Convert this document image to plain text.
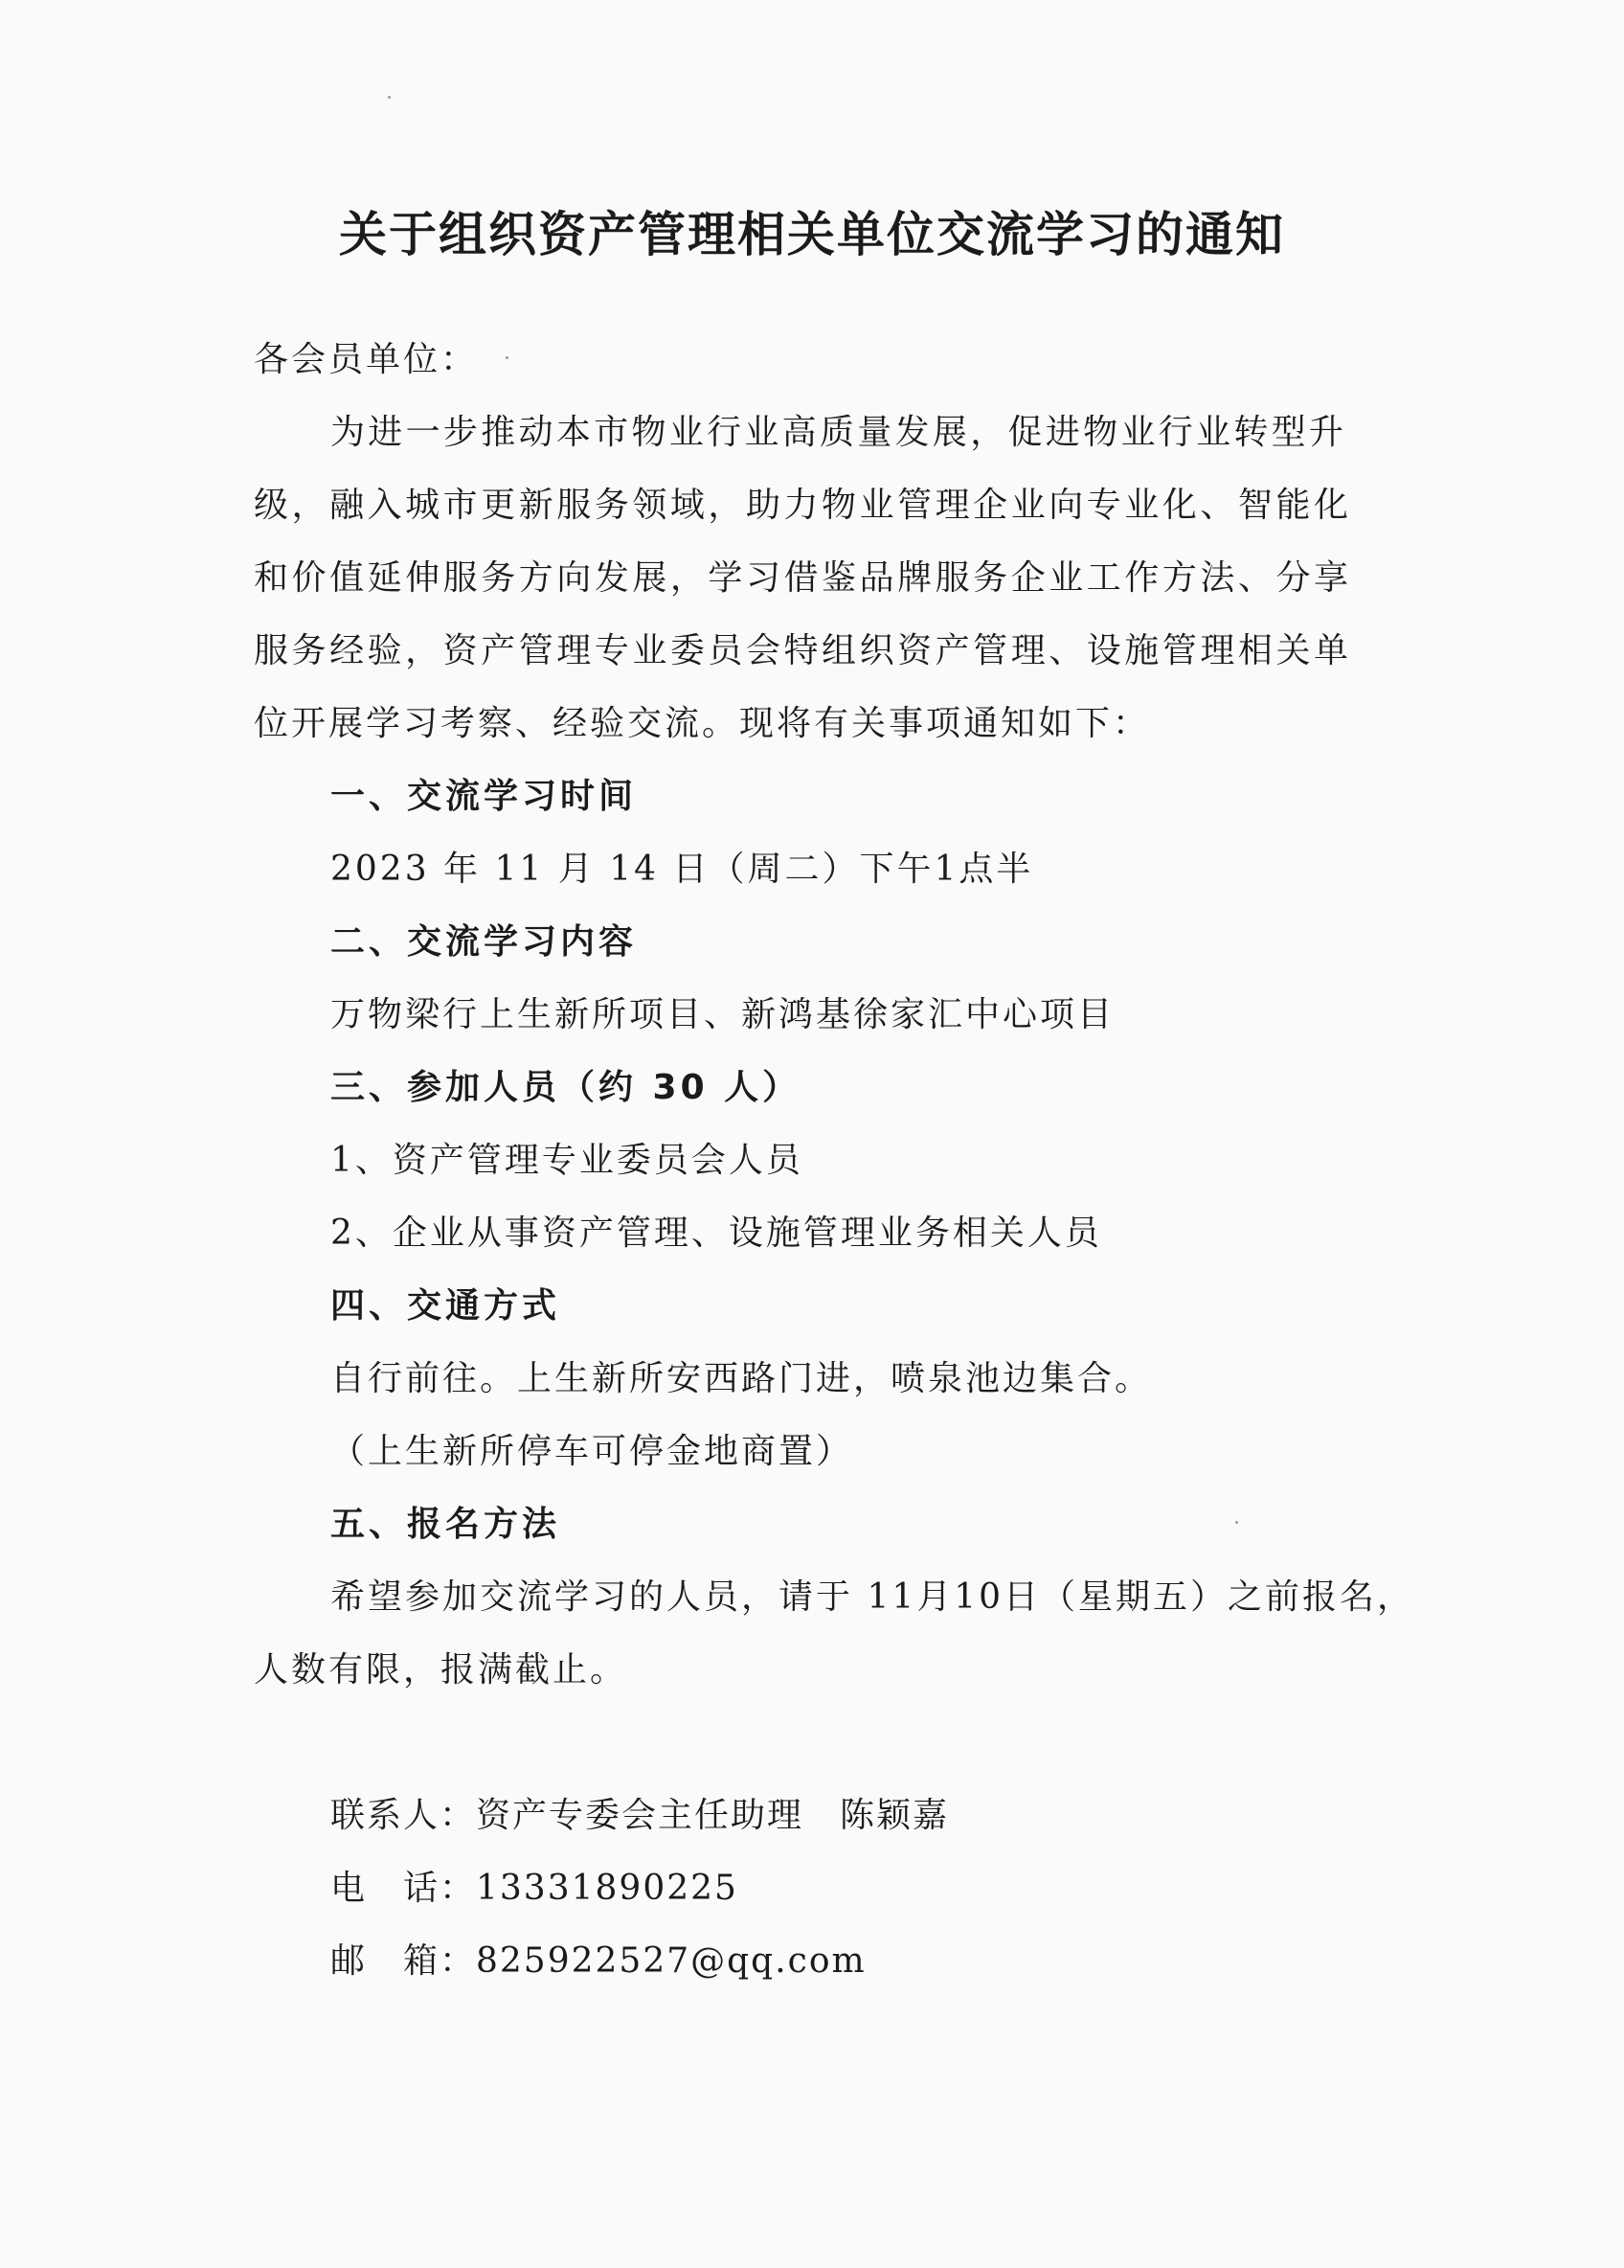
关于组织资产管理相关单位交流学习的通知

各会员单位：

为进一步推动本市物业行业高质量发展，促进物业行业转型升

级，融入城市更新服务领域，助力物业管理企业向专业化、智能化

和价值延伸服务方向发展，学习借鉴品牌服务企业工作方法、分享

服务经验，资产管理专业委员会特组织资产管理、设施管理相关单

位开展学习考察、经验交流。现将有关事项通知如下：

一、交流学习时间

2023 年 11 月 14 日（周二）下午1点半

二、交流学习内容

万物梁行上生新所项目、新鸿基徐家汇中心项目

三、参加人员（约 30 人）

1、资产管理专业委员会人员

2、企业从事资产管理、设施管理业务相关人员

四、交通方式

自行前往。上生新所安西路门进，喷泉池边集合。

（上生新所停车可停金地商置）

五、报名方法

希望参加交流学习的人员，请于 11月10日（星期五）之前报名，

人数有限，报满截止。

联系人：资产专委会主任助理　陈颖嘉

电　话：13331890225

邮　箱：825922527@qq.com
